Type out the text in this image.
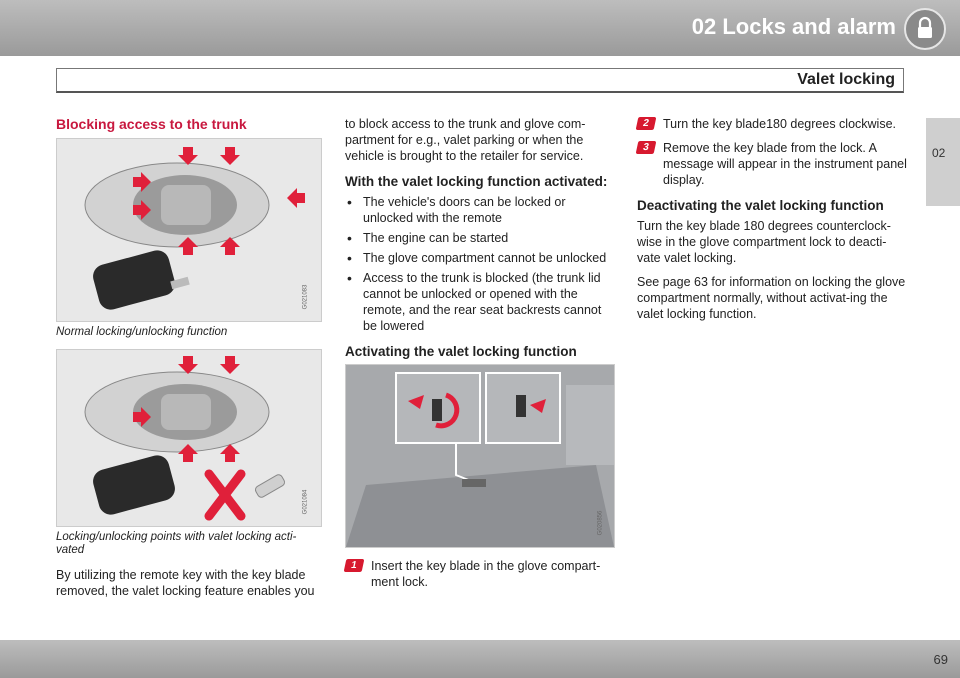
02 Locks and alarm
Valet locking
02
Blocking access to the trunk
G021083
Normal locking/unlocking function
G021084
Locking/unlocking points with valet locking acti-vated

By utilizing the remote key with the key blade removed, the valet locking feature enables you

to block access to the trunk and glove com-partment for e.g., valet parking or when the vehicle is brought to the retailer for service.

With the valet locking function activated:
• The vehicle's doors can be locked or unlocked with the remote
• The engine can be started
• The glove compartment cannot be unlocked
• Access to the trunk is blocked (the trunk lid cannot be unlocked or opened with the remote, and the rear seat backrests cannot be lowered
Activating the valet locking function
G020856
1	Insert the key blade in the glove compart-ment lock.
2	Turn the key blade180 degrees clockwise.
3	Remove the key blade from the lock. A message will appear in the instrument panel display.
Deactivating the valet locking function

Turn the key blade 180 degrees counterclock-wise in the glove compartment lock to deacti-vate valet locking.

See page 63 for information on locking the glove compartment normally, without activat-ing the valet locking function.

69
